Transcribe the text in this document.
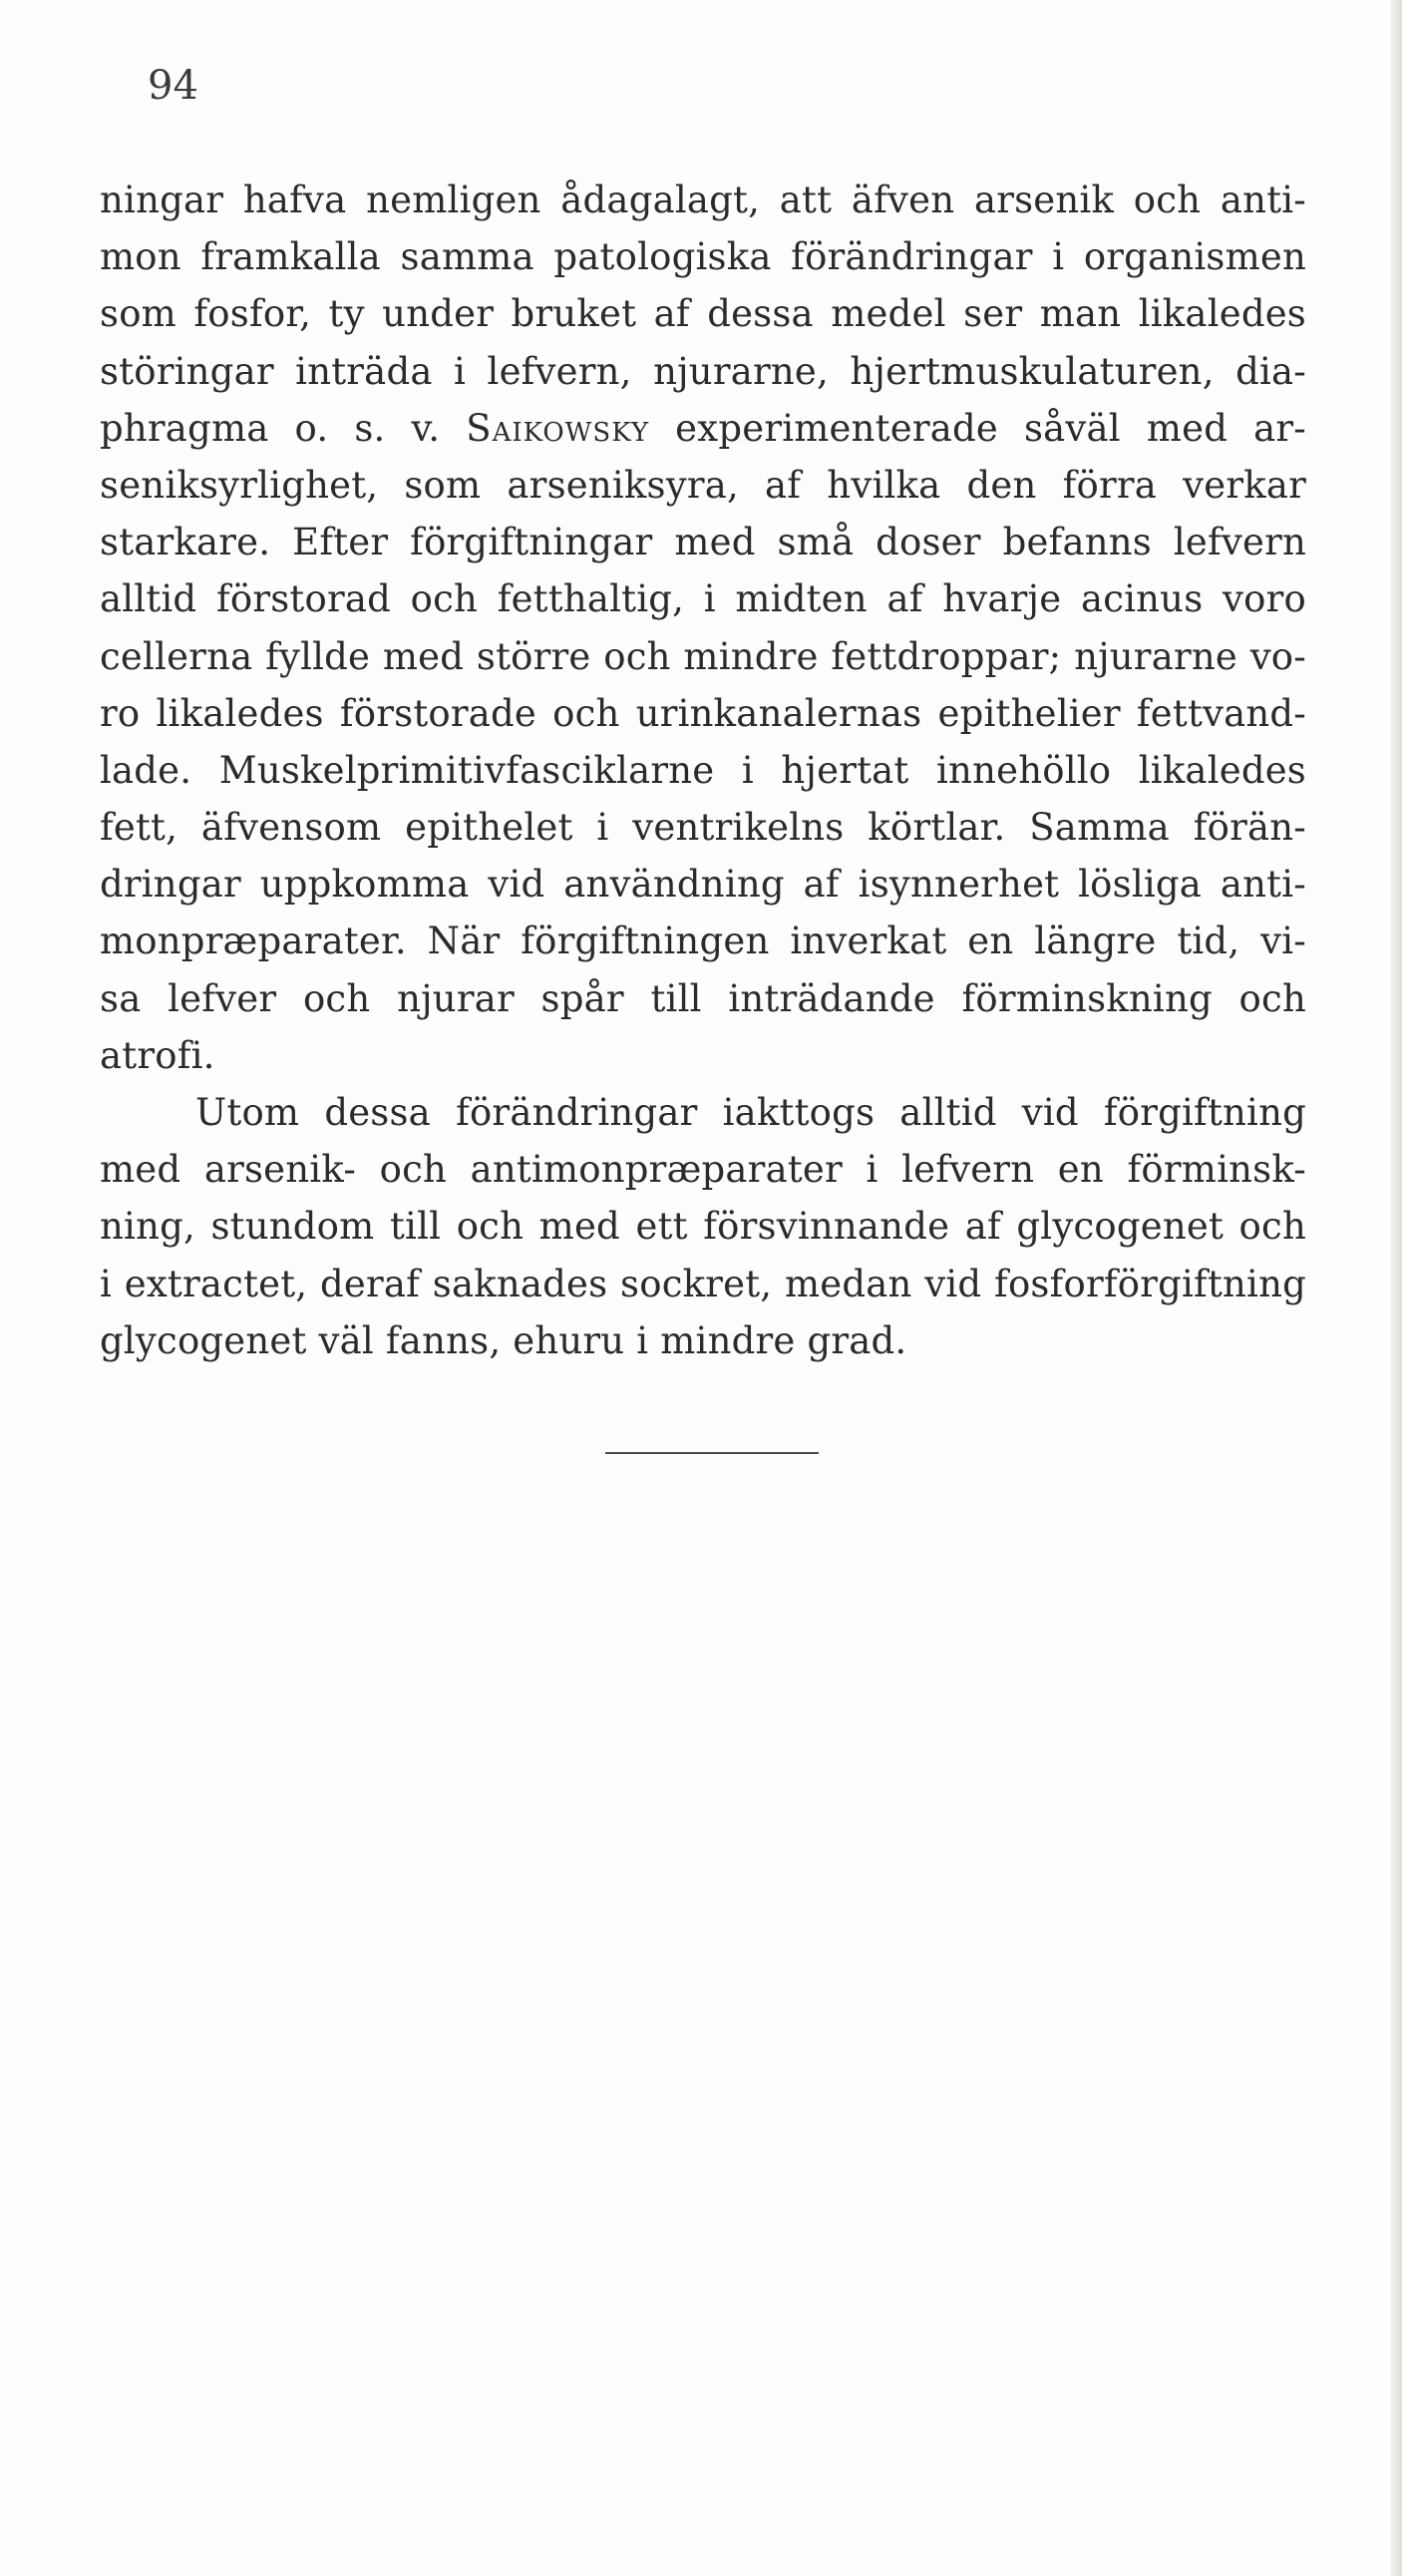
94
ningar hafva nemligen ådagalagt, att äfven arsenik och anti-
mon framkalla samma patologiska förändringar i organismen
som fosfor, ty under bruket af dessa medel ser man likaledes
störingar inträda i lefvern, njurarne, hjertmuskulaturen, dia-
phragma o. s. v. Saikowsky experimenterade såväl med ar-
seniksyrlighet, som arseniksyra, af hvilka den förra verkar
starkare. Efter förgiftningar med små doser befanns lefvern
alltid förstorad och fetthaltig, i midten af hvarje acinus voro
cellerna fyllde med större och mindre fettdroppar; njurarne vo-
ro likaledes förstorade och urinkanalernas epithelier fettvand-
lade. Muskelprimitivfasciklarne i hjertat innehöllo likaledes
fett, äfvensom epithelet i ventrikelns körtlar. Samma förän-
dringar uppkomma vid användning af isynnerhet lösliga anti-
monpræparater. När förgiftningen inverkat en längre tid, vi-
sa lefver och njurar spår till inträdande förminskning och
atrofi.
Utom dessa förändringar iakttogs alltid vid förgiftning
med arsenik- och antimonpræparater i lefvern en förminsk-
ning, stundom till och med ett försvinnande af glycogenet och
i extractet, deraf saknades sockret, medan vid fosforförgiftning
glycogenet väl fanns, ehuru i mindre grad.
